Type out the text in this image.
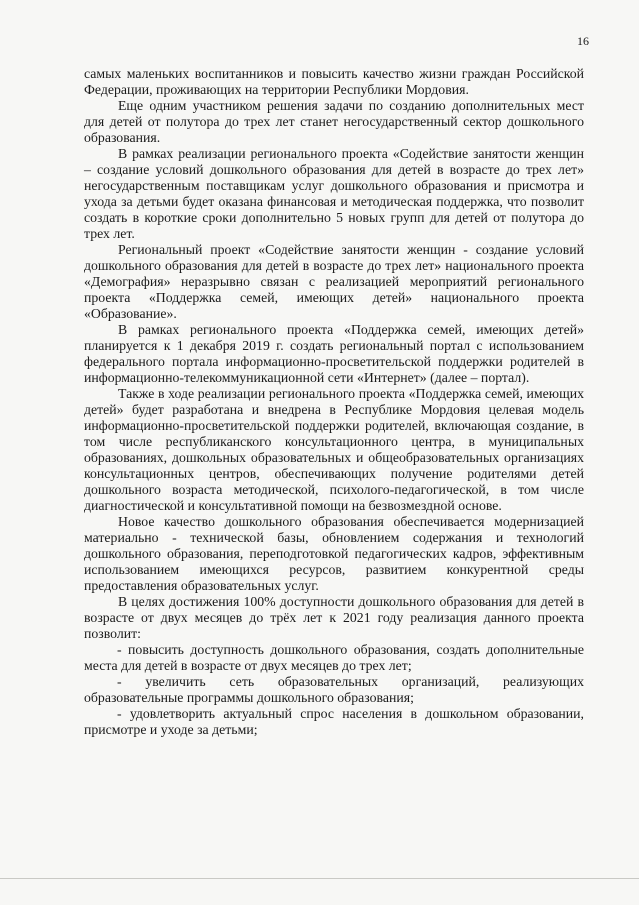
16

самых маленьких воспитанников и повысить качество жизни граждан Российской Федерации, проживающих на территории Республики Мордовия.

Еще одним участником решения задачи по созданию дополнительных мест для детей от полутора до трех лет станет негосударственный сектор дошкольного образования.

В рамках реализации регионального проекта «Содействие занятости женщин – создание условий дошкольного образования для детей в возрасте до трех лет» негосударственным поставщикам услуг дошкольного образования и присмотра и ухода за детьми будет оказана финансовая и методическая поддержка, что позволит создать в короткие сроки дополнительно 5 новых групп для детей от полутора до трех лет.

Региональный проект «Содействие занятости женщин - создание условий дошкольного образования для детей в возрасте до трех лет» национального проекта «Демография» неразрывно связан с реализацией мероприятий регионального проекта «Поддержка семей, имеющих детей» национального проекта «Образование».

В рамках регионального проекта «Поддержка семей, имеющих детей» планируется к 1 декабря 2019 г. создать региональный портал с использованием федерального портала информационно-просветительской поддержки родителей в информационно-телекоммуникационной сети «Интернет» (далее – портал).

Также в ходе реализации регионального проекта «Поддержка семей, имеющих детей» будет разработана и внедрена в Республике Мордовия целевая модель информационно-просветительской поддержки родителей, включающая создание, в том числе республиканского консультационного центра, в муниципальных образованиях, дошкольных образовательных и общеобразовательных организациях консультационных центров, обеспечивающих получение родителями детей дошкольного возраста методической, психолого-педагогической, в том числе диагностической и консультативной помощи на безвозмездной основе.

Новое качество дошкольного образования обеспечивается модернизацией материально - технической базы, обновлением содержания и технологий дошкольного образования, переподготовкой педагогических кадров, эффективным использованием имеющихся ресурсов, развитием конкурентной среды предоставления образовательных услуг.

В целях достижения 100% доступности дошкольного образования для детей в возрасте от двух месяцев до трёх лет к 2021 году реализация данного проекта позволит:

- повысить доступность дошкольного образования, создать дополнительные места для детей в возрасте от двух месяцев до трех лет;

- увеличить сеть образовательных организаций, реализующих образовательные программы дошкольного образования;

- удовлетворить актуальный спрос населения в дошкольном образовании, присмотре и уходе за детьми;
